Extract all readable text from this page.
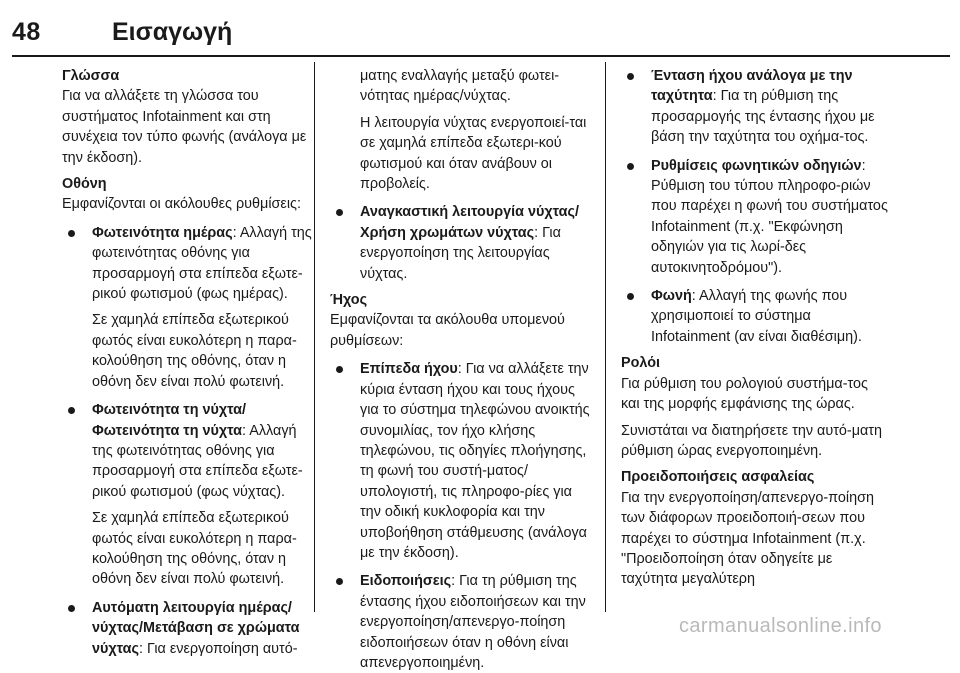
48	Εισαγωγή

Γλώσσα

Για να αλλάξετε τη γλώσσα του συστήματος Infotainment και στη συνέχεια τον τύπο φωνής (ανάλογα με την έκδοση).

Οθόνη

Εμφανίζονται οι ακόλουθες ρυθμίσεις:

Φωτεινότητα ημέρας: Αλλαγή της φωτεινότητας οθόνης για προσαρμογή στα επίπεδα εξωτε-ρικού φωτισμού (φως ημέρας).

Σε χαμηλά επίπεδα εξωτερικού φωτός είναι ευκολότερη η παρα-κολούθηση της οθόνης, όταν η οθόνη δεν είναι πολύ φωτεινή.

Φωτεινότητα τη νύχτα/ Φωτεινότητα τη νύχτα: Αλλαγή της φωτεινότητας οθόνης για προσαρμογή στα επίπεδα εξωτε-ρικού φωτισμού (φως νύχτας).

Σε χαμηλά επίπεδα εξωτερικού φωτός είναι ευκολότερη η παρα-κολούθηση της οθόνης, όταν η οθόνη δεν είναι πολύ φωτεινή.

Αυτόματη λειτουργία ημέρας/ νύχτας/Μετάβαση σε χρώματα νύχτας: Για ενεργοποίηση αυτό-

ματης εναλλαγής μεταξύ φωτει-νότητας ημέρας/νύχτας.

Η λειτουργία νύχτας ενεργοποιεί-ται σε χαμηλά επίπεδα εξωτερι-κού φωτισμού και όταν ανάβουν οι προβολείς.

Αναγκαστική λειτουργία νύχτας/ Χρήση χρωμάτων νύχτας: Για ενεργοποίηση της λειτουργίας νύχτας.

Ήχος

Εμφανίζονται τα ακόλουθα υπομενού ρυθμίσεων:

Επίπεδα ήχου: Για να αλλάξετε την κύρια ένταση ήχου και τους ήχους για το σύστημα τηλεφώνου ανοικτής συνομιλίας, τον ήχο κλήσης τηλεφώνου, τις οδηγίες πλοήγησης, τη φωνή του συστή-ματος/υπολογιστή, τις πληροφο-ρίες για την οδική κυκλοφορία και την υποβοήθηση στάθμευσης (ανάλογα με την έκδοση).

Ειδοποιήσεις: Για τη ρύθμιση της έντασης ήχου ειδοποιήσεων και την ενεργοποίηση/απενεργο-ποίηση ειδοποιήσεων όταν η οθόνη είναι απενεργοποιημένη.

Ένταση ήχου ανάλογα με την ταχύτητα: Για τη ρύθμιση της προσαρμογής της έντασης ήχου με βάση την ταχύτητα του οχήμα-τος.

Ρυθμίσεις φωνητικών οδηγιών: Ρύθμιση του τύπου πληροφο-ριών που παρέχει η φωνή του συστήματος Infotainment (π.χ. "Εκφώνηση οδηγιών για τις λωρί-δες αυτοκινητοδρόμου").

Φωνή: Αλλαγή της φωνής που χρησιμοποιεί το σύστημα Infotainment (αν είναι διαθέσιμη).

Ρολόι

Για ρύθμιση του ρολογιού συστήμα-τος και της μορφής εμφάνισης της ώρας.

Συνιστάται να διατηρήσετε την αυτό-ματη ρύθμιση ώρας ενεργοποιημένη.

Προειδοποιήσεις ασφαλείας

Για την ενεργοποίηση/απενεργο-ποίηση των διάφορων προειδοποιή-σεων που παρέχει το σύστημα Infotainment (π.χ. "Προειδοποίηση όταν οδηγείτε με ταχύτητα μεγαλύτερη

carmanualsonline.info
